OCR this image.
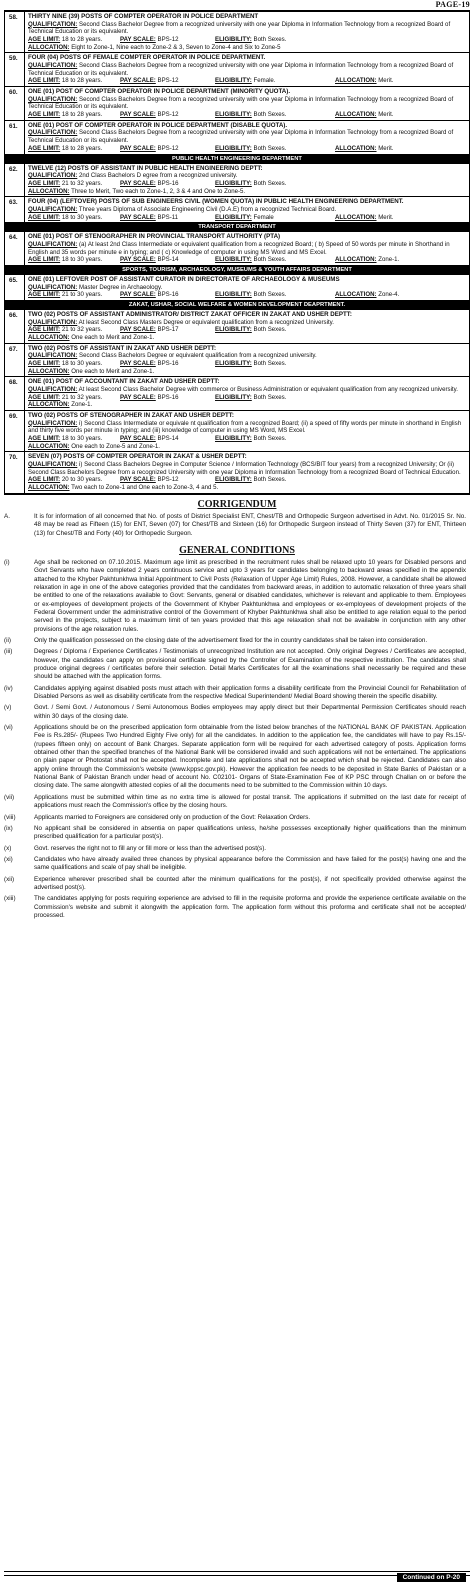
PAGE-19
58.	THIRTY NINE (39) POSTS OF COMPTER OPERATOR IN POLICE DEPARTMENT
QUALIFICATION: Second Class Bachelor Degree from a recognized university with one year Diploma in Information Technology from a recognized Board of Technical Education or its equivalent.
AGE LIMIT: 18 to 28 years.	PAY SCALE: BPS-12	ELIGIBILITY: Both Sexes.
ALLOCATION: Eight to Zone-1, Nine each to Zone-2 & 3, Seven to Zone-4 and Six to Zone-5
59.	FOUR (04) POSTS OF FEMALE COMPTER OPERATOR IN POLICE DEPARTMENT.
QUALIFICATION: Second Class Bachelors Degree from a recognized university with one year Diploma in Information Technology from a recognized Board of Technical Education or its equivalent.
AGE LIMIT: 18 to 28 years.	PAY SCALE: BPS-12	ELIGIBILITY: Female.	ALLOCATION: Merit.
60.	ONE (01) POST OF COMPTER OPERATOR IN POLICE DEPARTMENT (MINORITY QUOTA).
QUALIFICATION: Second Class Bachelors Degree from a recognized university with one year Diploma in Information Technology from a recognized Board of Technical Education or its equivalent.
AGE LIMIT: 18 to 28 years.	PAY SCALE: BPS-12	ELIGIBILITY: Both Sexes.	ALLOCATION: Merit.
61.	ONE (01) POST OF COMPTER OPERATOR IN POLICE DEPARTMENT (DISABLE QUOTA).
QUALIFICATION: Second Class Bachelors Degree from a recognized university with one year Diploma in Information Technology from a recognized Board of Technical Education or its equivalent.
AGE LIMIT: 18 to 28 years.	PAY SCALE: BPS-12	ELIGIBILITY: Both Sexes.	ALLOCATION: Merit.
PUBLIC HEALTH ENGINEERING DEPARTMENT
62.	TWELVE (12) POSTS OF ASSISTANT IN PUBLIC HEALTH ENGINEERING DEPTT:
QUALIFICATION: 2nd Class Bachelors D egree from a recognized university.
AGE LIMIT: 21 to 32 years.	PAY SCALE: BPS-16	ELIGIBILITY: Both Sexes.
ALLOCATION: Three to Merit, Two each to Zone-1, 2, 3 & 4 and One to Zone-5.
63.	FOUR (04) (LEFTOVER) POSTS OF SUB ENGINEERS CIVIL (WOMEN QUOTA) IN PUBLIC HEALTH ENGINEERING DEPARTMENT.
QUALIFICATION: Three years Diploma of Associate Engineering Civil (D.A.E) from a recognized Technical Board.
AGE LIMIT: 18 to 30 years.	PAY SCALE: BPS-11	ELIGIBILITY: Female	ALLOCATION: Merit.
TRANSPORT DEPARTMENT
64.	ONE (01) POST OF STENOGRAPHER IN PROVINCIAL TRANSPORT AUTHORITY (PTA)
QUALIFICATION: (a) At least 2nd Class Intermediate or equivalent qualification from a recognized Board; ( b) Speed of 50 words per minute in Shorthand in English and 35 words per minute e in typing; and ( c) Knowledge of computer in using MS Word and MS Excel.
AGE LIMIT: 18 to 30 years.	PAY SCALE: BPS-14	ELIGIBILITY: Both Sexes.	ALLOCATION: Zone-1.
SPORTS, TOURISM, ARCHAEOLOGY, MUSEUMS & YOUTH AFFAIRS DEPARTMENT
65.	ONE (01) LEFTOVER POST OF ASSISTANT CURATOR IN DIRECTORATE OF ARCHAEOLOGY & MUSEUMS
QUALIFICATION: Master Degree in Archaeology.
AGE LIMIT: 21 to 30 years.	PAY SCALE: BPS-16	ELIGIBILITY: Both Sexes.	ALLOCATION: Zone-4.
ZAKAT, USHAR, SOCIAL WELFARE & WOMEN DEVELOPMENT DEAPRTMENT.
66.	TWO (02) POSTS OF ASSISTANT ADMINISTRATOR/ DISTRICT ZAKAT OFFICER IN ZAKAT AND USHER DEPTT:
QUALIFICATION: At least Second Class Masters Degree or equivalent qualification from a recognized University.
AGE LIMIT: 21 to 32 years.	PAY SCALE: BPS-17	ELIGIBILITY: Both Sexes.
ALLOCATION: One each to Merit and Zone-1.
67.	TWO (02) POSTS OF ASSISTANT IN ZAKAT AND USHER DEPTT:
QUALIFICATION: Second Class Bachelors Degree or equivalent qualification from a recognized university.
AGE LIMIT: 18 to 30 years.	PAY SCALE: BPS-16	ELIGIBILITY: Both Sexes.
ALLOCATION: One each to Merit and Zone-1.
68.	ONE (01) POST OF ACCOUNTANT IN ZAKAT AND USHER DEPTT:
QUALIFICATION: At least Second Class Bachelor Degree with commerce or Business Administration or equivalent qualification from any recognized university.
AGE LIMIT: 21 to 32 years.	PAY SCALE: BPS-16	ELIGIBILITY: Both Sexes.
ALLOCATION: Zone-1.
69.	TWO (02) POSTS OF STENOGRAPHER IN ZAKAT AND USHER DEPTT:
QUALIFICATION: i) Second Class Intermediate or equivale nt qualification from a recognized Board; (ii) a speed of fifty words per minute in shorthand in English and thirty five words per minute in typing; and (iii) knowledge of computer in using MS Word, MS Excel.
AGE LIMIT: 18 to 30 years.	PAY SCALE: BPS-14	ELIGIBILITY: Both Sexes.
ALLOCATION: One each to Zone-5 and Zone-1.
70.	SEVEN (07) POSTS OF COMPTER OPERATOR IN ZAKAT & USHER DEPTT:
QUALIFICATION: i) Second Class Bachelors Degree in Computer Science / Information Technology (BCS/BIT four years) from a recognized University; Or (ii) Second Class Bachelors Degree from a recognized University with one year Diploma in Information Technology from a recognized Board of Technical Education.
AGE LIMIT: 20 to 30 years.	PAY SCALE: BPS-12	ELIGIBILITY: Both Sexes.
ALLOCATION: Two each to Zone-1 and One each to Zone-3, 4 and 5.
CORRIGENDUM
A.	It is for information of all concerned that No. of posts of District Specialist ENT, Chest/TB and Orthopedic Surgeon advertised in Advt. No. 01/2015 Sr. No. 48 may be read as Fifteen (15) for ENT, Seven (07) for Chest/TB and Sixteen (16) for Orthopedic Surgeon instead of Thirty Seven (37) for ENT, Thirteen (13) for Chest/TB and Forty (40) for Orthopedic Surgeon.
GENERAL CONDITIONS
(i)	Age shall be reckoned on 07.10.2015. Maximum age limit as prescribed in the recruitment rules shall be relaxed upto 10 years for Disabled persons and Govt Servants who have completed 2 years continuous service and upto 3 years for candidates belonging to backward areas specified in the appendix attached to the Khyber Pakhtunkhwa Initial Appointment to Civil Posts (Relaxation of Upper Age Limit) Rules, 2008. However, a candidate shall be allowed relaxation in age in one of the above categories provided that the candidates from backward areas, in addition to automatic relaxation of three years shall be entitled to one of the relaxations available to Govt: Servants, general or disabled candidates, whichever is relevant and applicable to them. Employees or ex-employees of development projects of the Government of Khyber Pakhtunkhwa and employees or ex-employees of development projects of the Federal Government under the administrative control of the Government of Khyber Pakhtunkhwa shall also be entitled to age relation equal to the period served in the projects, subject to a maximum limit of ten years provided that this age relaxation shall not be available in conjunction with any other provisions of the age relaxation rules.
(ii)	Only the qualification possessed on the closing date of the advertisement fixed for the in country candidates shall be taken into consideration.
(iii)	Degrees / Diploma / Experience Certificates / Testimonials of unrecognized Institution are not accepted. Only original Degrees / Certificates are accepted, however, the candidates can apply on provisional certificate signed by the Controller of Examination of the respective institution. The candidates shall produce original degrees / certificates before their selection. Detail Marks Certificates for all the examinations shall necessarily be required and these should be attached with the application forms.
(iv)	Candidates applying against disabled posts must attach with their application forms a disability certificate from the Provincial Council for Rehabilitation of Disabled Persons as well as disability certificate from the respective Medical Superintendent/ Medial Board showing therein the specific disability.
(v)	Govt. / Semi Govt. / Autonomous / Semi Autonomous Bodies employees may apply direct but their Departmental Permission Certificates should reach within 30 days of the closing date.
(vi)	Applications should be on the prescribed application form obtainable from the listed below branches of the NATIONAL BANK OF PAKISTAN. Application Fee is Rs.285/- (Rupees Two Hundred Eighty Five only) for all the candidates. In addition to the application fee, the candidates will have to pay Rs.15/- (rupees fifteen only) on account of Bank Charges. Separate application form will be required for each advertised category of posts. Application forms obtained other than the specified branches of the National Bank will be considered invalid and such applications will not be entertained. The applications on plain paper or Photostat shall not be accepted. Incomplete and late applications shall not be accepted which shall be rejected. Candidates can also apply online through the Commission's website (www.kppsc.gov.pk). However the application fee needs to be deposited in State Banks of Pakistan or a National Bank of Pakistan Branch under head of account No. C02101- Organs of State-Examination Fee of KP PSC through Challan on or before the closing date. The same alongwith attested copies of all the documents need to be submitted to the Commission within 10 days.
(vii)	Applications must be submitted within time as no extra time is allowed for postal transit. The applications if submitted on the last date for receipt of applications must reach the Commission's office by the closing hours.
(viii)	Applicants married to Foreigners are considered only on production of the Govt: Relaxation Orders.
(ix)	No applicant shall be considered in absentia on paper qualifications unless, he/she possesses exceptionally higher qualifications than the minimum prescribed qualification for a particular post(s).
(x)	Govt. reserves the right not to fill any or fill more or less than the advertised post(s).
(xi)	Candidates who have already availed three chances by physical appearance before the Commission and have failed for the post(s) having one and the same qualifications and scale of pay shall be ineligible.
(xii)	Experience wherever prescribed shall be counted after the minimum qualifications for the post(s), if not specifically provided otherwise against the advertised post(s).
(xiii)	The candidates applying for posts requiring experience are advised to fill in the requisite proforma and provide the experience certificate available on the Commission's website and submit it alongwith the application form. The application form without this proforma and certificate shall not be accepted/ processed.
Continued on P-20
